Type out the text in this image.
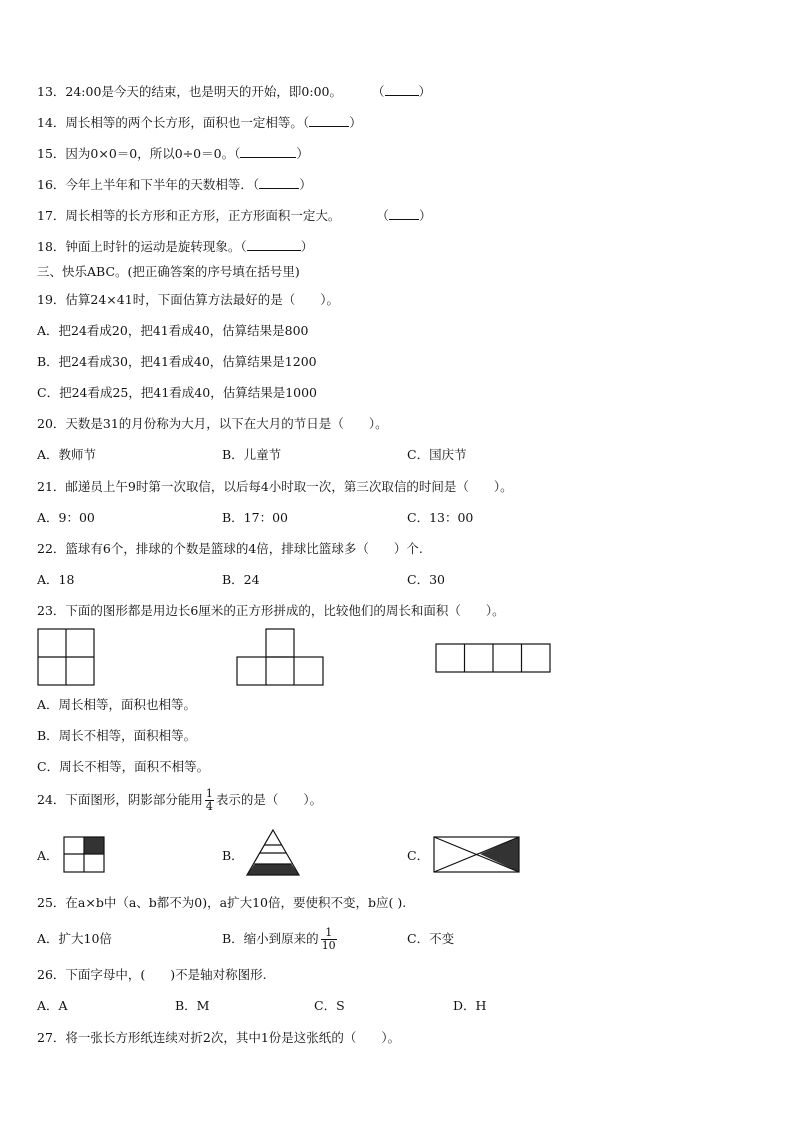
13．24:00是今天的结束，也是明天的开始，即0:00。 （	）
14．周长相等的两个长方形，面积也一定相等。（	）
15．因为0×0＝0，所以0÷0＝0。（	）
16．今年上半年和下半年的天数相等．（	）
17．周长相等的长方形和正方形，正方形面积一定大。	（ ）
18．钟面上时针的运动是旋转现象。（	）
三、快乐ABC。(把正确答案的序号填在括号里)
19．估算24×41时，下面估算方法最好的是（　　）。
A．把24看成20，把41看成40，估算结果是800
B．把24看成30，把41看成40，估算结果是1200
C．把24看成25，把41看成40，估算结果是1000
20．天数是31的月份称为大月，以下在大月的节日是（　　）。
A．教师节	B．儿童节	C．国庆节
21．邮递员上午9时第一次取信，以后每4小时取一次，第三次取信的时间是（　　）。
A．9：00	B．17：00	C．13：00
22．篮球有6个，排球的个数是篮球的4倍，排球比篮球多（　　）个.
A．18	B．24	C．30
23．下面的图形都是用边长6厘米的正方形拼成的，比较他们的周长和面积（　　）。
A．周长相等，面积也相等。
B．周长不相等，面积相等。
C．周长不相等，面积不相等。
24．下面图形，阴影部分能用 $\frac{1}{4}$ 表示的是（　　）。
A．	B．	C．
25．在a×b中（a、b都不为0)，a扩大10倍，要使积不变，b应( ).
A．扩大10倍	B．缩小到原来的 $\frac{1}{10}$	C．不变
26．下面字母中，(　　)不是轴对称图形.
A．A	B．M	C．S	D．H
27．将一张长方形纸连续对折2次，其中1份是这张纸的（　　）。
